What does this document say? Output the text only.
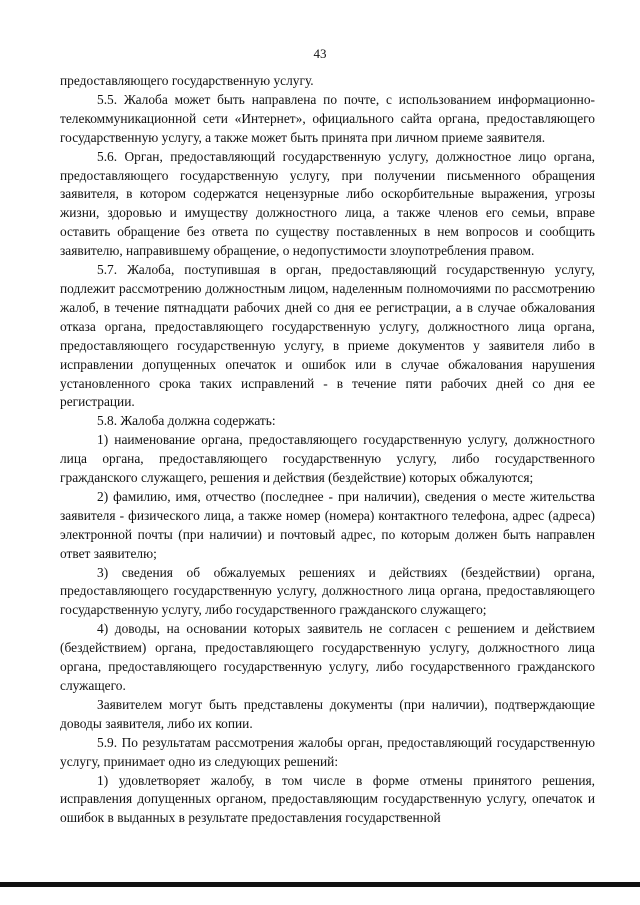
43

предоставляющего государственную услугу.

5.5. Жалоба может быть направлена по почте, с использованием информационно-телекоммуникационной сети «Интернет», официального сайта органа, предоставляющего государственную услугу, а также может быть принята при личном приеме заявителя.

5.6. Орган, предоставляющий государственную услугу, должностное лицо органа, предоставляющего государственную услугу, при получении письменного обращения заявителя, в котором содержатся нецензурные либо оскорбительные выражения, угрозы жизни, здоровью и имуществу должностного лица, а также членов его семьи, вправе оставить обращение без ответа по существу поставленных в нем вопросов и сообщить заявителю, направившему обращение, о недопустимости злоупотребления правом.

5.7. Жалоба, поступившая в орган, предоставляющий государственную услугу, подлежит рассмотрению должностным лицом, наделенным полномочиями по рассмотрению жалоб, в течение пятнадцати рабочих дней со дня ее регистрации, а в случае обжалования отказа органа, предоставляющего государственную услугу, должностного лица органа, предоставляющего государственную услугу, в приеме документов у заявителя либо в исправлении допущенных опечаток и ошибок или в случае обжалования нарушения установленного срока таких исправлений - в течение пяти рабочих дней со дня ее регистрации.

5.8. Жалоба должна содержать:

1) наименование органа, предоставляющего государственную услугу, должностного лица органа, предоставляющего государственную услугу, либо государственного гражданского служащего, решения и действия (бездействие) которых обжалуются;

2) фамилию, имя, отчество (последнее - при наличии), сведения о месте жительства заявителя - физического лица, а также номер (номера) контактного телефона, адрес (адреса) электронной почты (при наличии) и почтовый адрес, по которым должен быть направлен ответ заявителю;

3) сведения об обжалуемых решениях и действиях (бездействии) органа, предоставляющего государственную услугу, должностного лица органа, предоставляющего государственную услугу, либо государственного гражданского служащего;

4) доводы, на основании которых заявитель не согласен с решением и действием (бездействием) органа, предоставляющего государственную услугу, должностного лица органа, предоставляющего государственную услугу, либо государственного гражданского служащего.

Заявителем могут быть представлены документы (при наличии), подтверждающие доводы заявителя, либо их копии.

5.9. По результатам рассмотрения жалобы орган, предоставляющий государственную услугу, принимает одно из следующих решений:

1) удовлетворяет жалобу, в том числе в форме отмены принятого решения, исправления допущенных органом, предоставляющим государственную услугу, опечаток и ошибок в выданных в результате предоставления государственной
